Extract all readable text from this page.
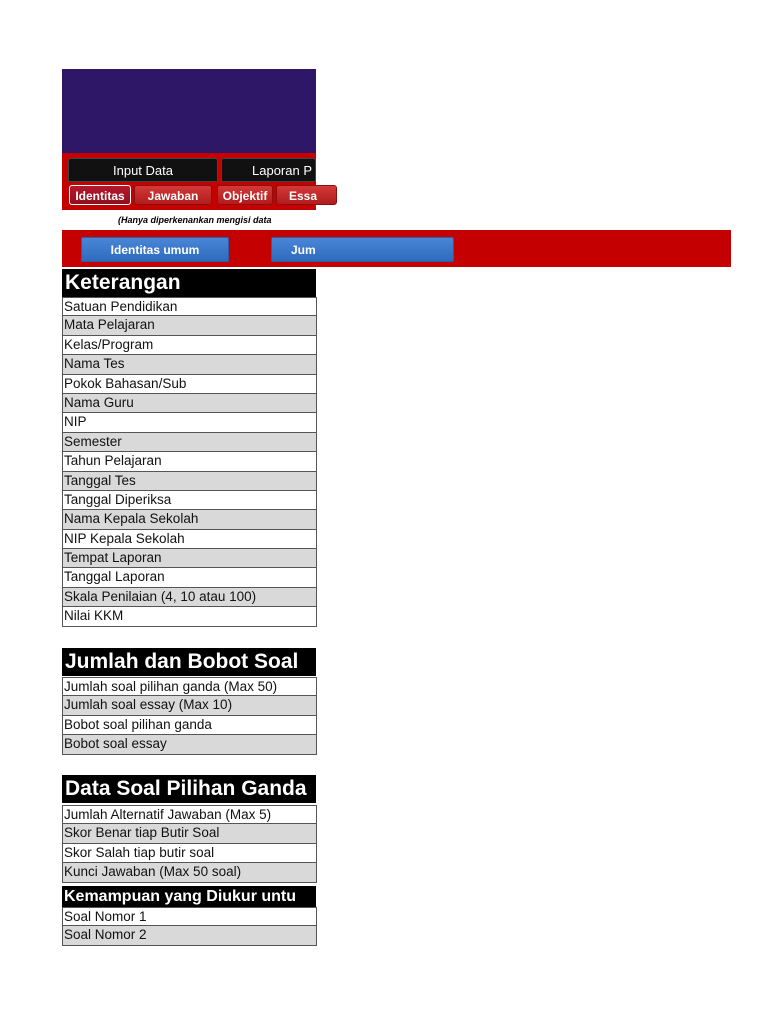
Input Data	Laporan P
Identitas	Jawaban	Objektif	Essa
(Hanya diperkenankan mengisi data
Identitas umum	Jum
Keterangan
Satuan Pendidikan
Mata Pelajaran
Kelas/Program
Nama Tes
Pokok Bahasan/Sub
Nama Guru
NIP
Semester
Tahun Pelajaran
Tanggal Tes
Tanggal Diperiksa
Nama Kepala Sekolah
NIP Kepala Sekolah
Tempat Laporan
Tanggal Laporan
Skala Penilaian (4, 10 atau 100)
Nilai KKM
Jumlah dan Bobot Soal
Jumlah soal pilihan ganda (Max 50)
Jumlah soal essay (Max 10)
Bobot soal pilihan ganda
Bobot soal essay
Data Soal Pilihan Ganda
Jumlah Alternatif Jawaban (Max 5)
Skor Benar tiap Butir Soal
Skor Salah tiap butir soal
Kunci Jawaban (Max 50 soal)
Kemampuan yang Diukur untu
Soal Nomor 1
Soal Nomor 2
